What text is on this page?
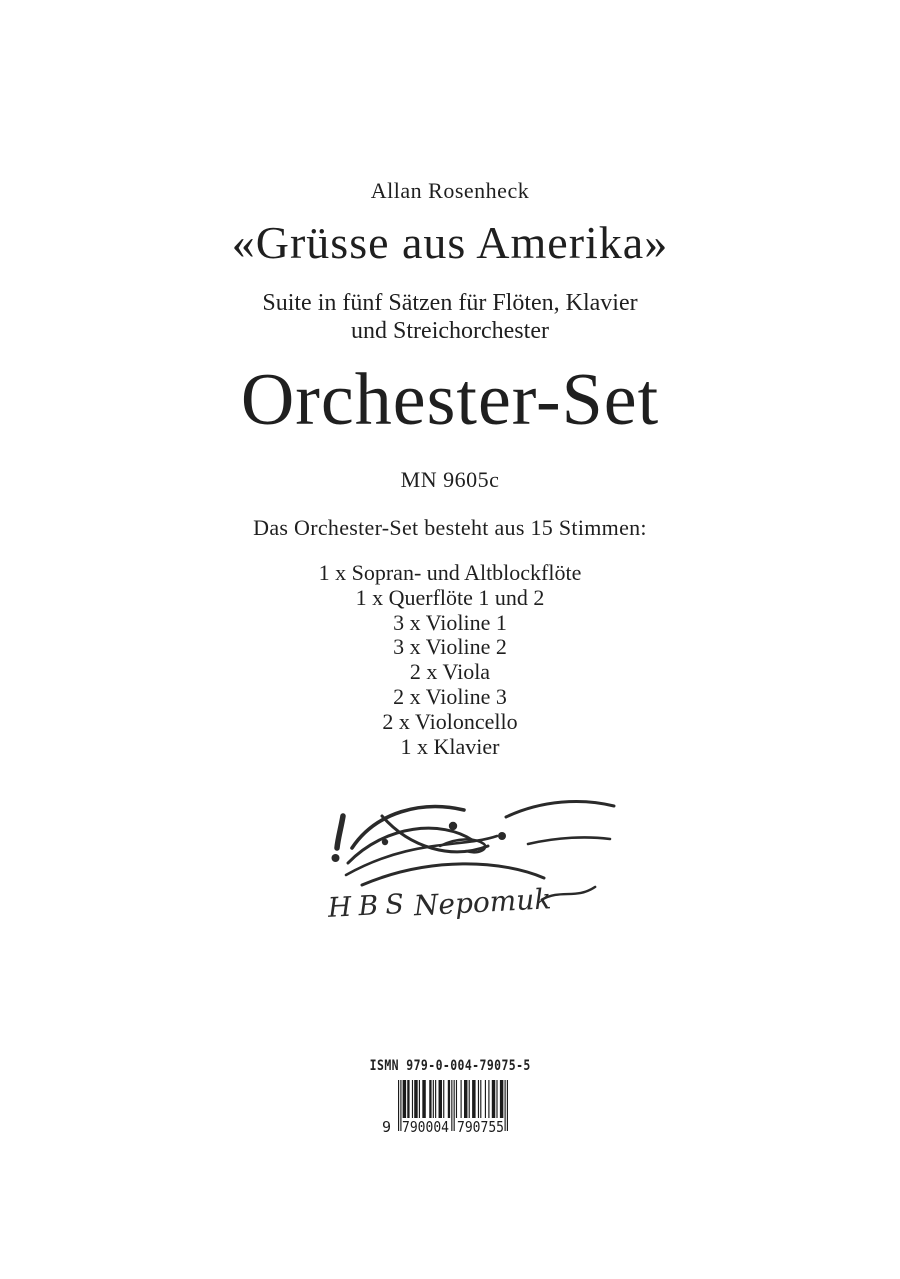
Allan Rosenheck
«Grüsse aus Amerika»
Suite in fünf Sätzen für Flöten, Klavier
und Streichorchester
Orchester-Set
MN 9605c
Das Orchester-Set besteht aus 15 Stimmen:
1 x Sopran- und Altblockflöte
1 x Querflöte 1 und 2
3 x Violine 1
3 x Violine 2
2 x Viola
2 x Violine 3
2 x Violoncello
1 x Klavier
HBS Nepomuk
ISMN 979-0-004-79075-5
9 790004 790755
